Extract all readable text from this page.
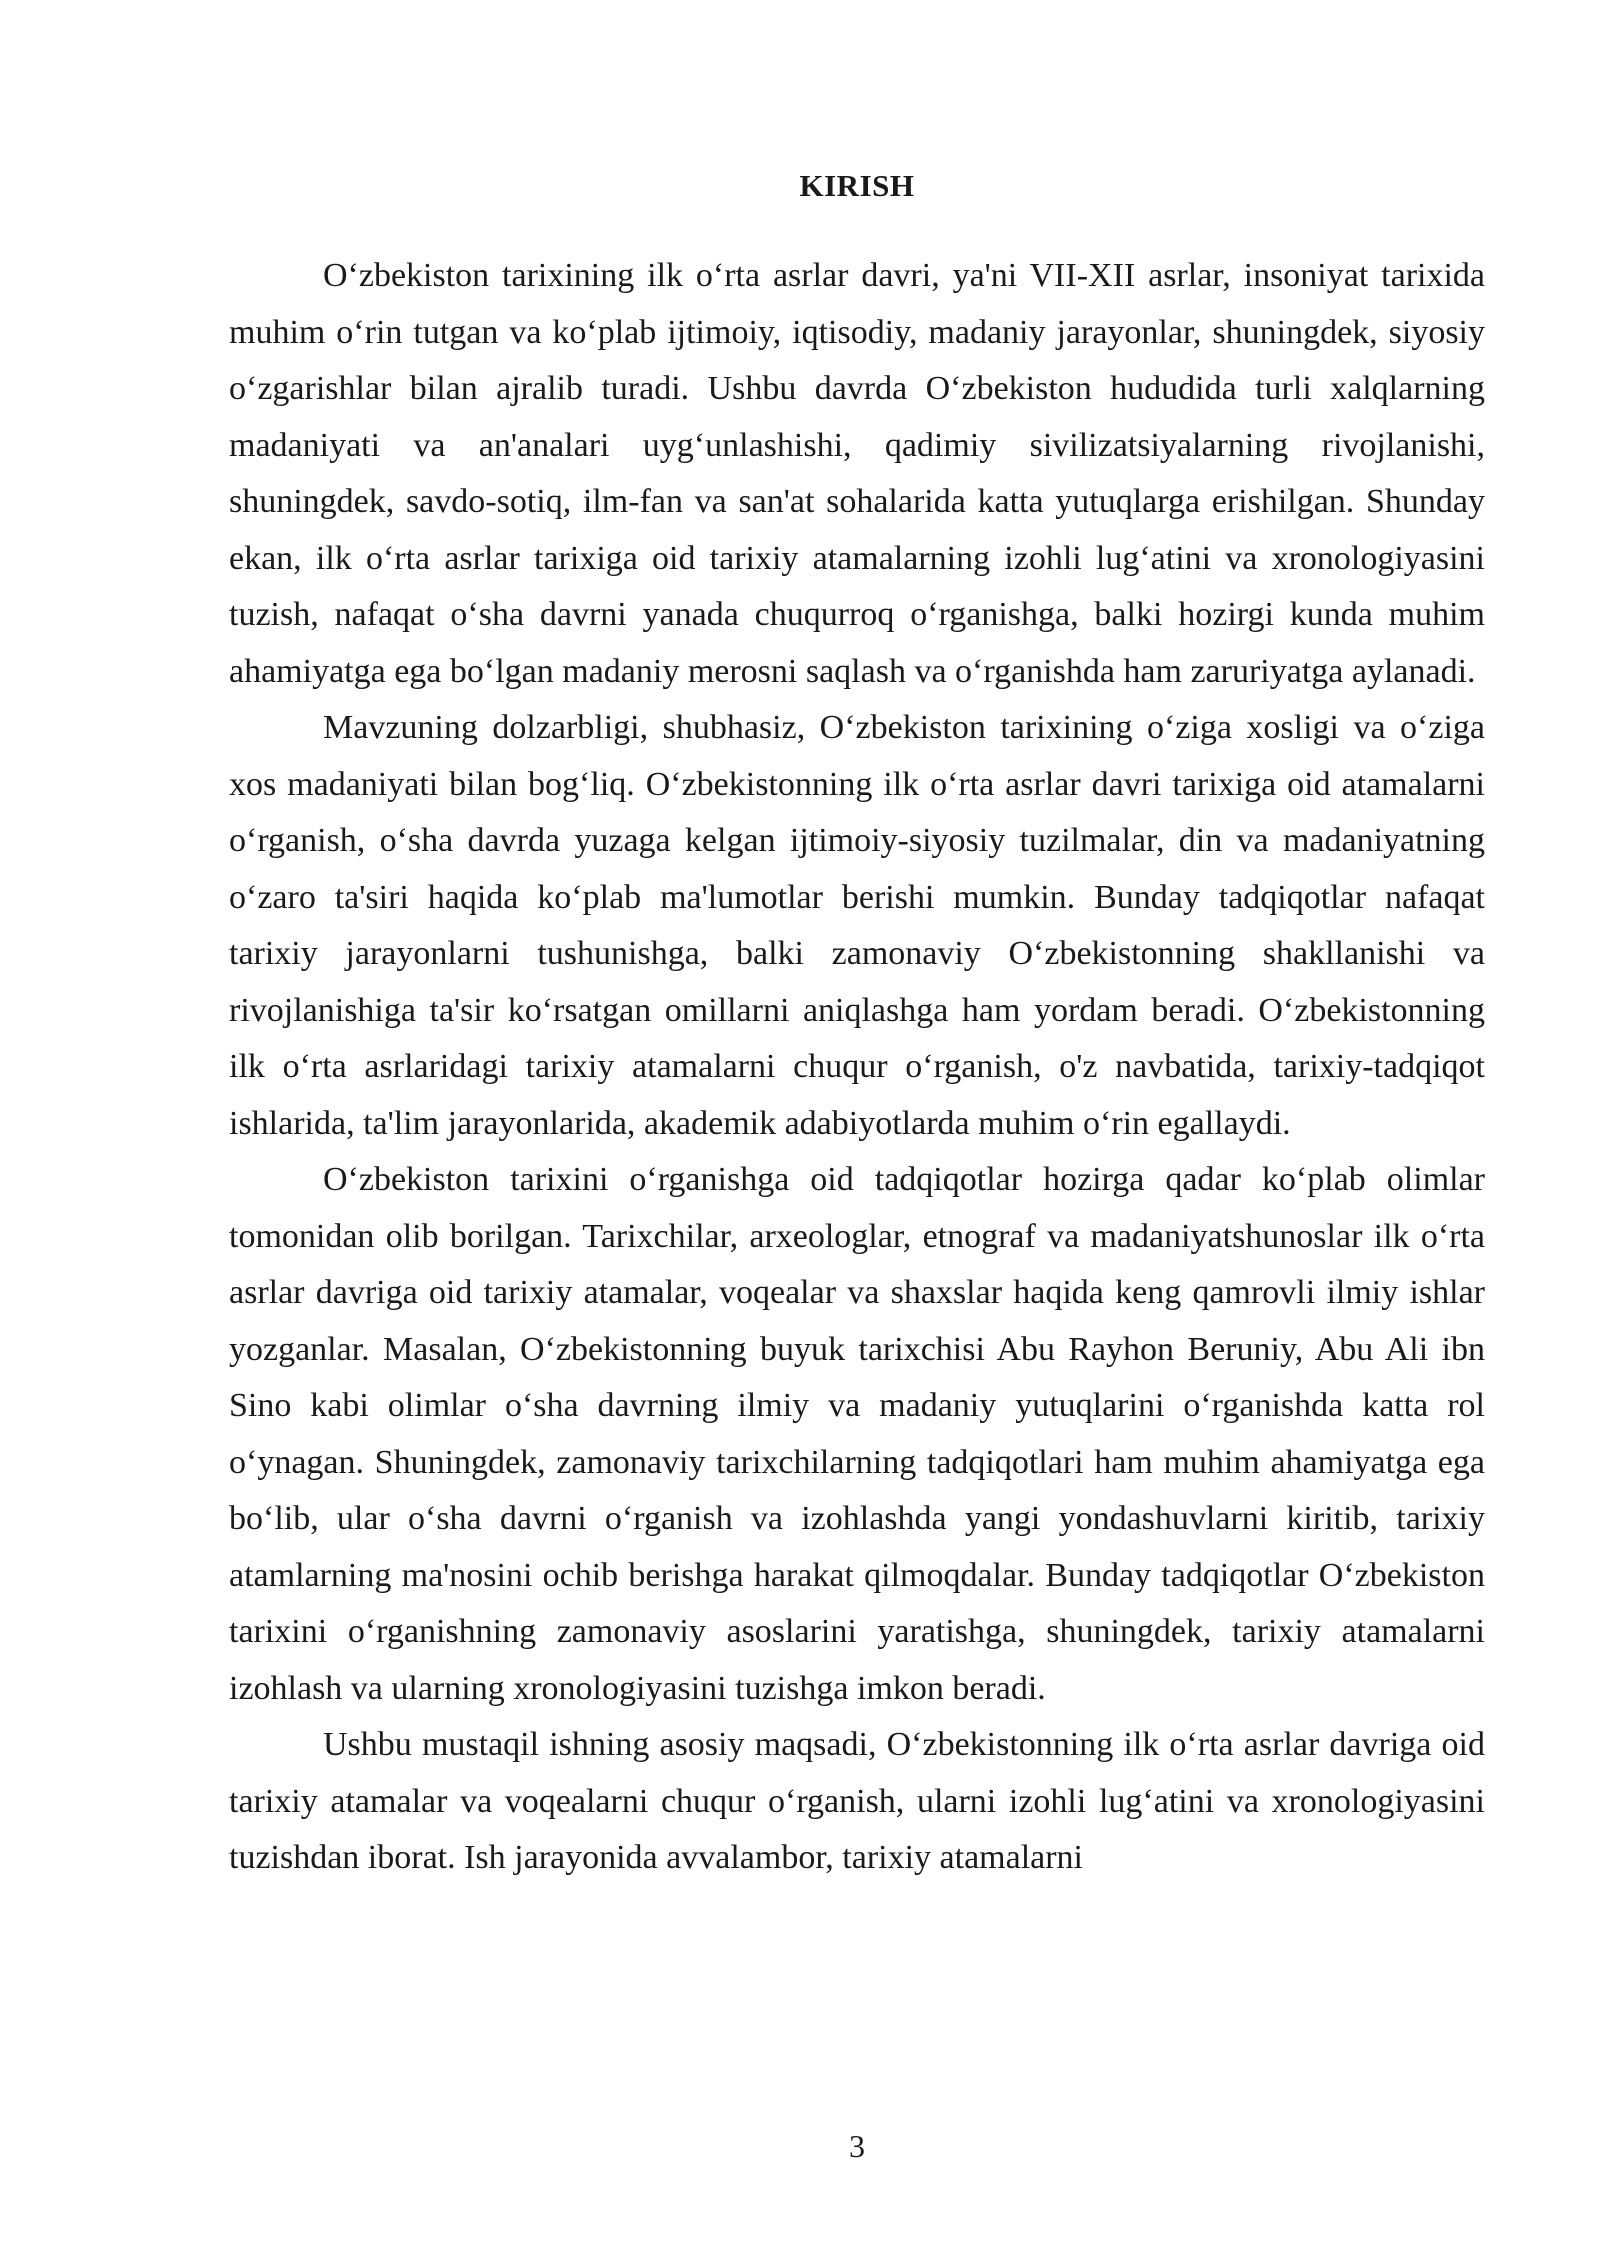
KIRISH

O‘zbekiston tarixining ilk o‘rta asrlar davri, ya'ni VII-XII asrlar, insoniyat tarixida muhim o‘rin tutgan va ko‘plab ijtimoiy, iqtisodiy, madaniy jarayonlar, shuningdek, siyosiy o‘zgarishlar bilan ajralib turadi. Ushbu davrda O‘zbekiston hududida turli xalqlarning madaniyati va an'analari uyg‘unlashishi, qadimiy sivilizatsiyalarning rivojlanishi, shuningdek, savdo-sotiq, ilm-fan va san'at sohalarida katta yutuqlarga erishilgan. Shunday ekan, ilk o‘rta asrlar tarixiga oid tarixiy atamalarning izohli lug‘atini va xronologiyasini tuzish, nafaqat o‘sha davrni yanada chuqurroq o‘rganishga, balki hozirgi kunda muhim ahamiyatga ega bo‘lgan madaniy merosni saqlash va o‘rganishda ham zaruriyatga aylanadi.

Mavzuning dolzarbligi, shubhasiz, O‘zbekiston tarixining o‘ziga xosligi va o‘ziga xos madaniyati bilan bog‘liq. O‘zbekistonning ilk o‘rta asrlar davri tarixiga oid atamalarni o‘rganish, o‘sha davrda yuzaga kelgan ijtimoiy-siyosiy tuzilmalar, din va madaniyatning o‘zaro ta'siri haqida ko‘plab ma'lumotlar berishi mumkin. Bunday tadqiqotlar nafaqat tarixiy jarayonlarni tushunishga, balki zamonaviy O‘zbekistonning shakllanishi va rivojlanishiga ta'sir ko‘rsatgan omillarni aniqlashga ham yordam beradi. O‘zbekistonning ilk o‘rta asrlaridagi tarixiy atamalarni chuqur o‘rganish, o'z navbatida, tarixiy-tadqiqot ishlarida, ta'lim jarayonlarida, akademik adabiyotlarda muhim o‘rin egallaydi.

O‘zbekiston tarixini o‘rganishga oid tadqiqotlar hozirga qadar ko‘plab olimlar tomonidan olib borilgan. Tarixchilar, arxeologlar, etnograf va madaniyatshunoslar ilk o‘rta asrlar davriga oid tarixiy atamalar, voqealar va shaxslar haqida keng qamrovli ilmiy ishlar yozganlar. Masalan, O‘zbekistonning buyuk tarixchisi Abu Rayhon Beruniy, Abu Ali ibn Sino kabi olimlar o‘sha davrning ilmiy va madaniy yutuqlarini o‘rganishda katta rol o‘ynagan. Shuningdek, zamonaviy tarixchilarning tadqiqotlari ham muhim ahamiyatga ega bo‘lib, ular o‘sha davrni o‘rganish va izohlashda yangi yondashuvlarni kiritib, tarixiy atamlarning ma'nosini ochib berishga harakat qilmoqdalar. Bunday tadqiqotlar O‘zbekiston tarixini o‘rganishning zamonaviy asoslarini yaratishga, shuningdek, tarixiy atamalarni izohlash va ularning xronologiyasini tuzishga imkon beradi.

Ushbu mustaqil ishning asosiy maqsadi, O‘zbekistonning ilk o‘rta asrlar davriga oid tarixiy atamalar va voqealarni chuqur o‘rganish, ularni izohli lug‘atini va xronologiyasini tuzishdan iborat. Ish jarayonida avvalambor, tarixiy atamalarni

3
